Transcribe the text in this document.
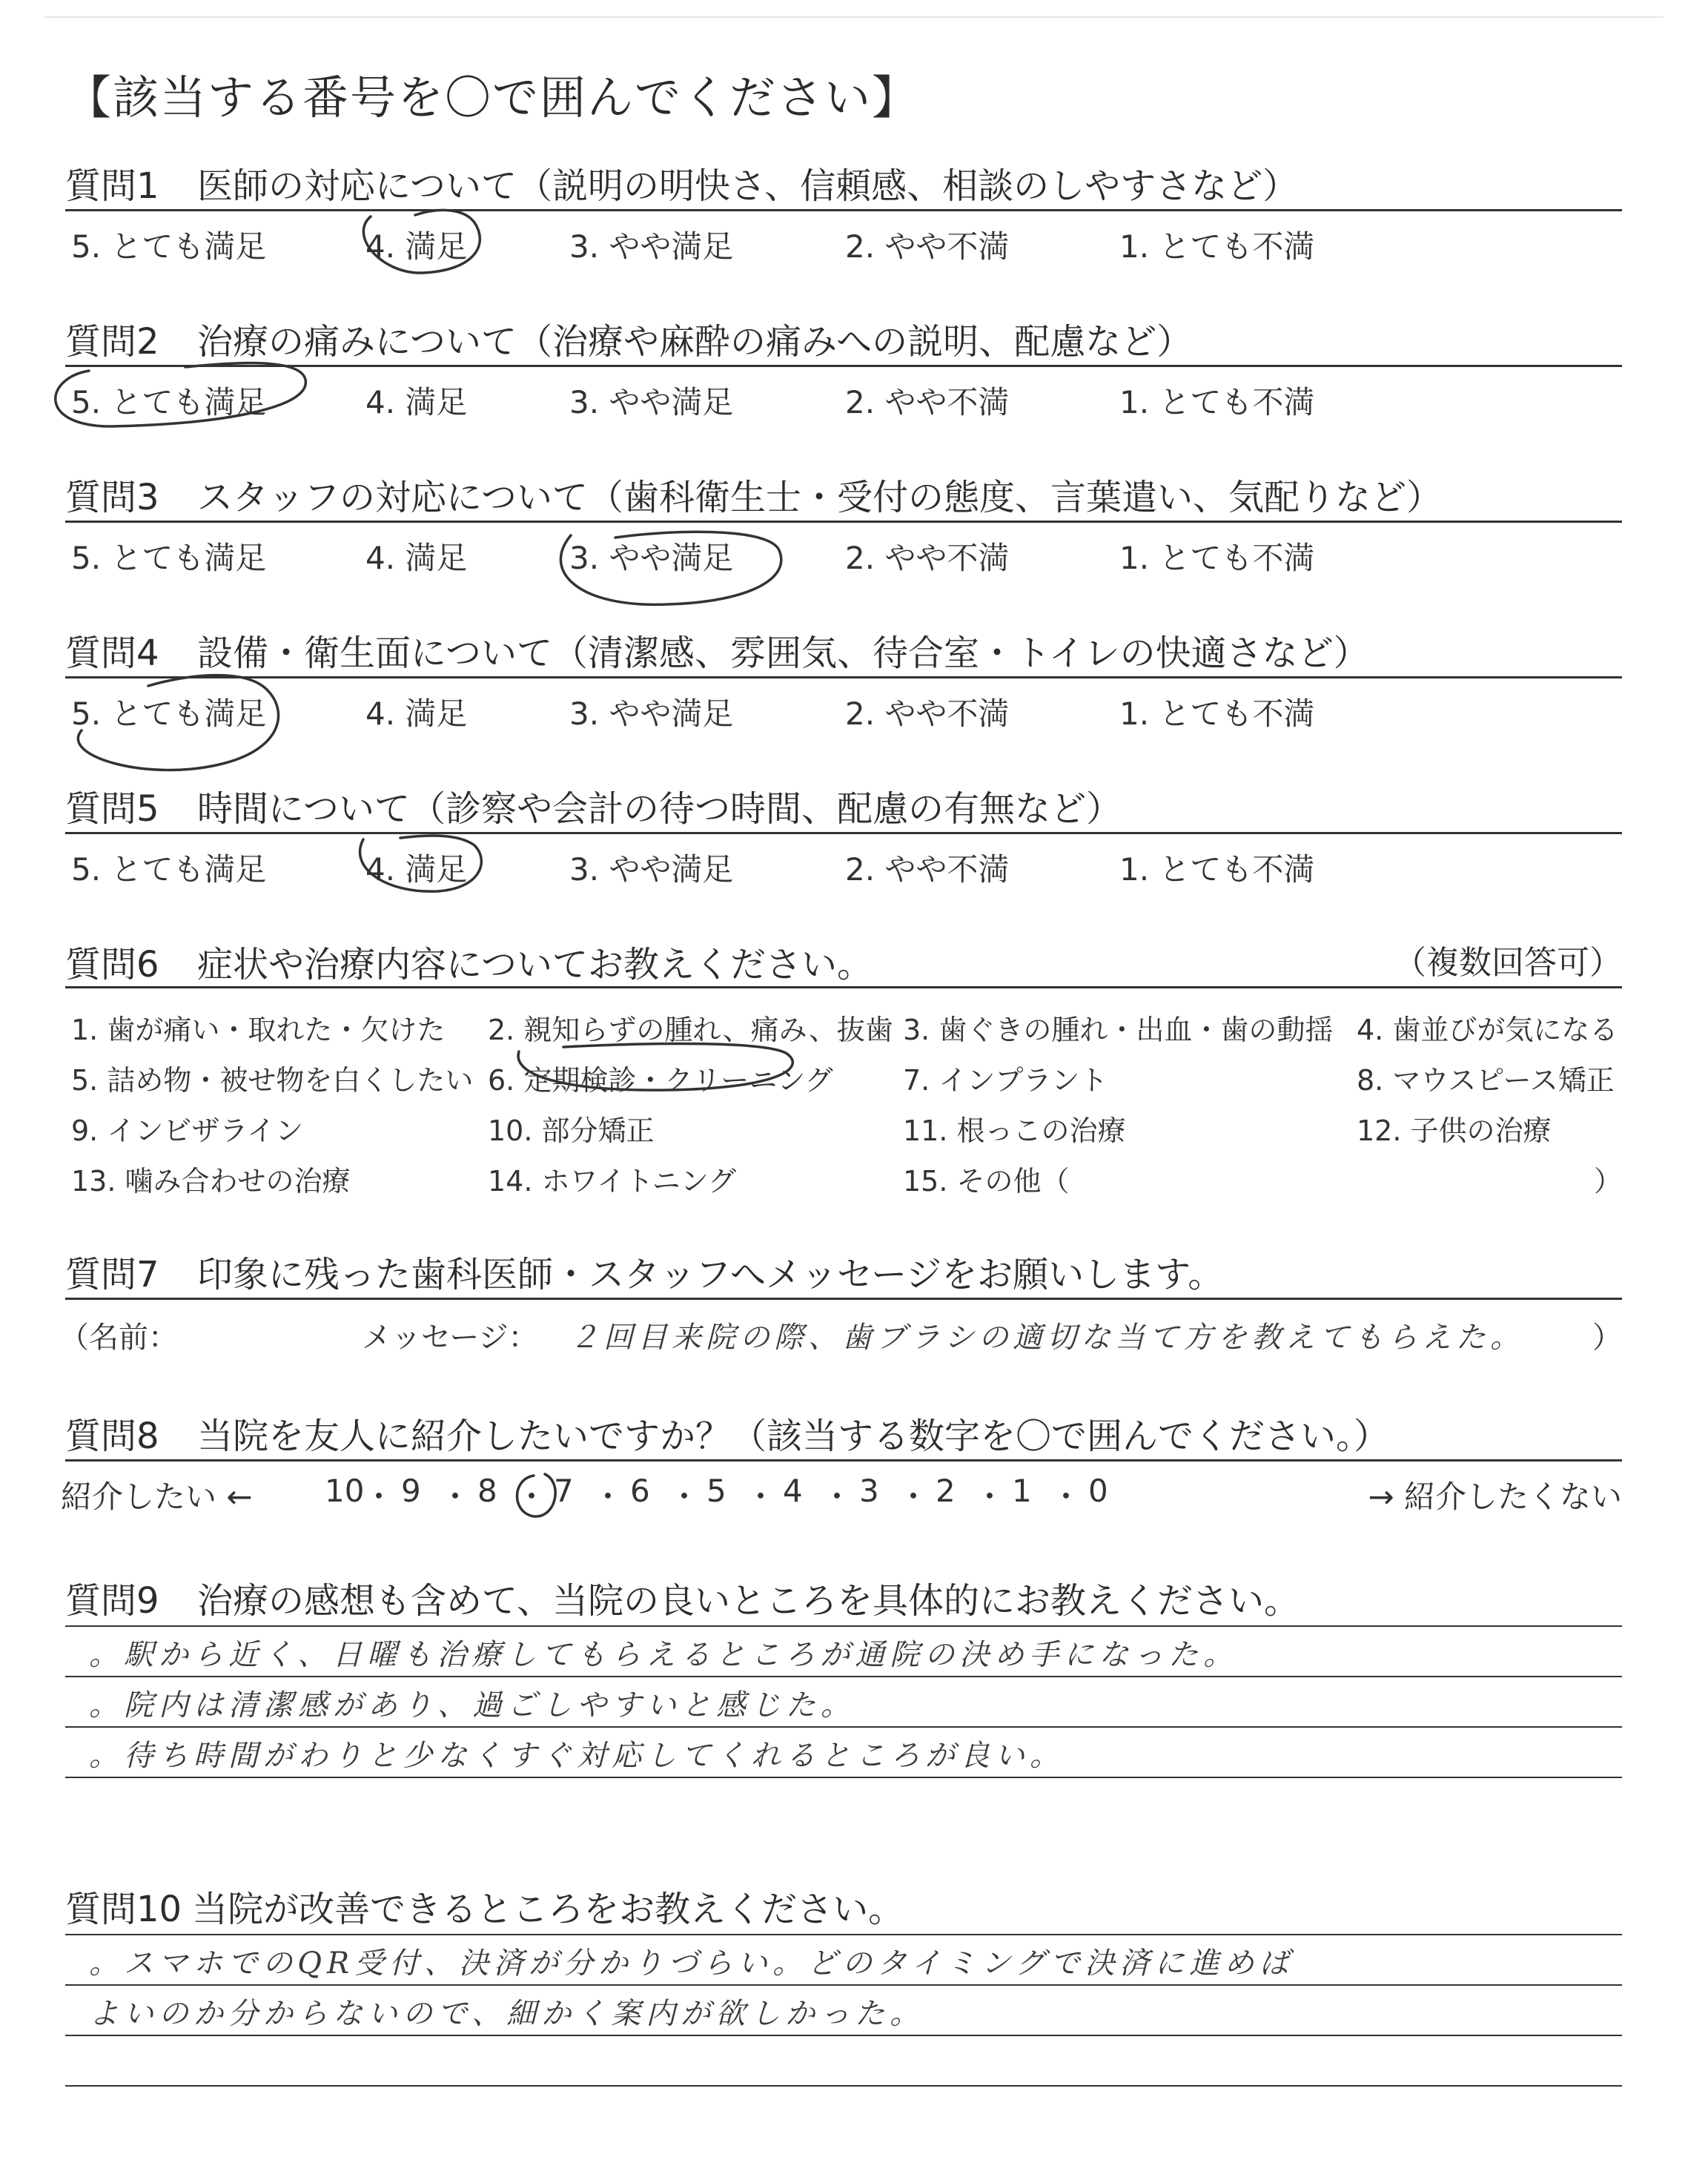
【該当する番号を〇で囲んでください】
質問1 医師の対応について（説明の明快さ、信頼感、相談のしやすさなど）
5. とても満足	4. 満足	3. やや満足	2. やや不満	1. とても不満
質問2 治療の痛みについて（治療や麻酔の痛みへの説明、配慮など）
5. とても満足	4. 満足	3. やや満足	2. やや不満	1. とても不満
質問3 スタッフの対応について（歯科衛生士・受付の態度、言葉遣い、気配りなど）
5. とても満足	4. 満足	3. やや満足	2. やや不満	1. とても不満
質問4 設備・衛生面について（清潔感、雰囲気、待合室・トイレの快適さなど）
5. とても満足	4. 満足	3. やや満足	2. やや不満	1. とても不満
質問5 時間について（診察や会計の待つ時間、配慮の有無など）
5. とても満足	4. 満足	3. やや満足	2. やや不満	1. とても不満
質問6 症状や治療内容についてお教えください。	（複数回答可）
1. 歯が痛い・取れた・欠けた 2. 親知らずの腫れ、痛み、抜歯 3. 歯ぐきの腫れ・出血・歯の動揺 4. 歯並びが気になる
5. 詰め物・被せ物を白くしたい 6. 定期検診・クリーニング 7. インプラント	8. マウスピース矯正
9. インビザライン	10. 部分矯正	11. 根っこの治療	12. 子供の治療
13. 噛み合わせの治療	14. ホワイトニング	15. その他（	）
質問7 印象に残った歯科医師・スタッフへメッセージをお願いします。
（名前：	メッセージ： ２回目来院の際、歯ブラシの適切な当て方を教えてもらえた。 ）
質問8 当院を友人に紹介したいですか？（該当する数字を〇で囲んでください。）
紹介したい ←	→ 紹介したくない
10
・ 9 ・ 8 ・ 7 ・ 6 ・ 5 ・ 4 ・ 3 ・ 2 ・ 1 ・ 0
質問9 治療の感想も含めて、当院の良いところを具体的にお教えください。
。駅から近く、日曜も治療してもらえるところが通院の決め手になった。
。院内は清潔感があり、過ごしやすいと感じた。
。待ち時間がわりと少なくすぐ対応してくれるところが良い。
質問10 当院が改善できるところをお教えください。
。スマホでのQR受付、決済が分かりづらい。どのタイミングで決済に進めば
よいのか分からないので、細かく案内が欲しかった。
